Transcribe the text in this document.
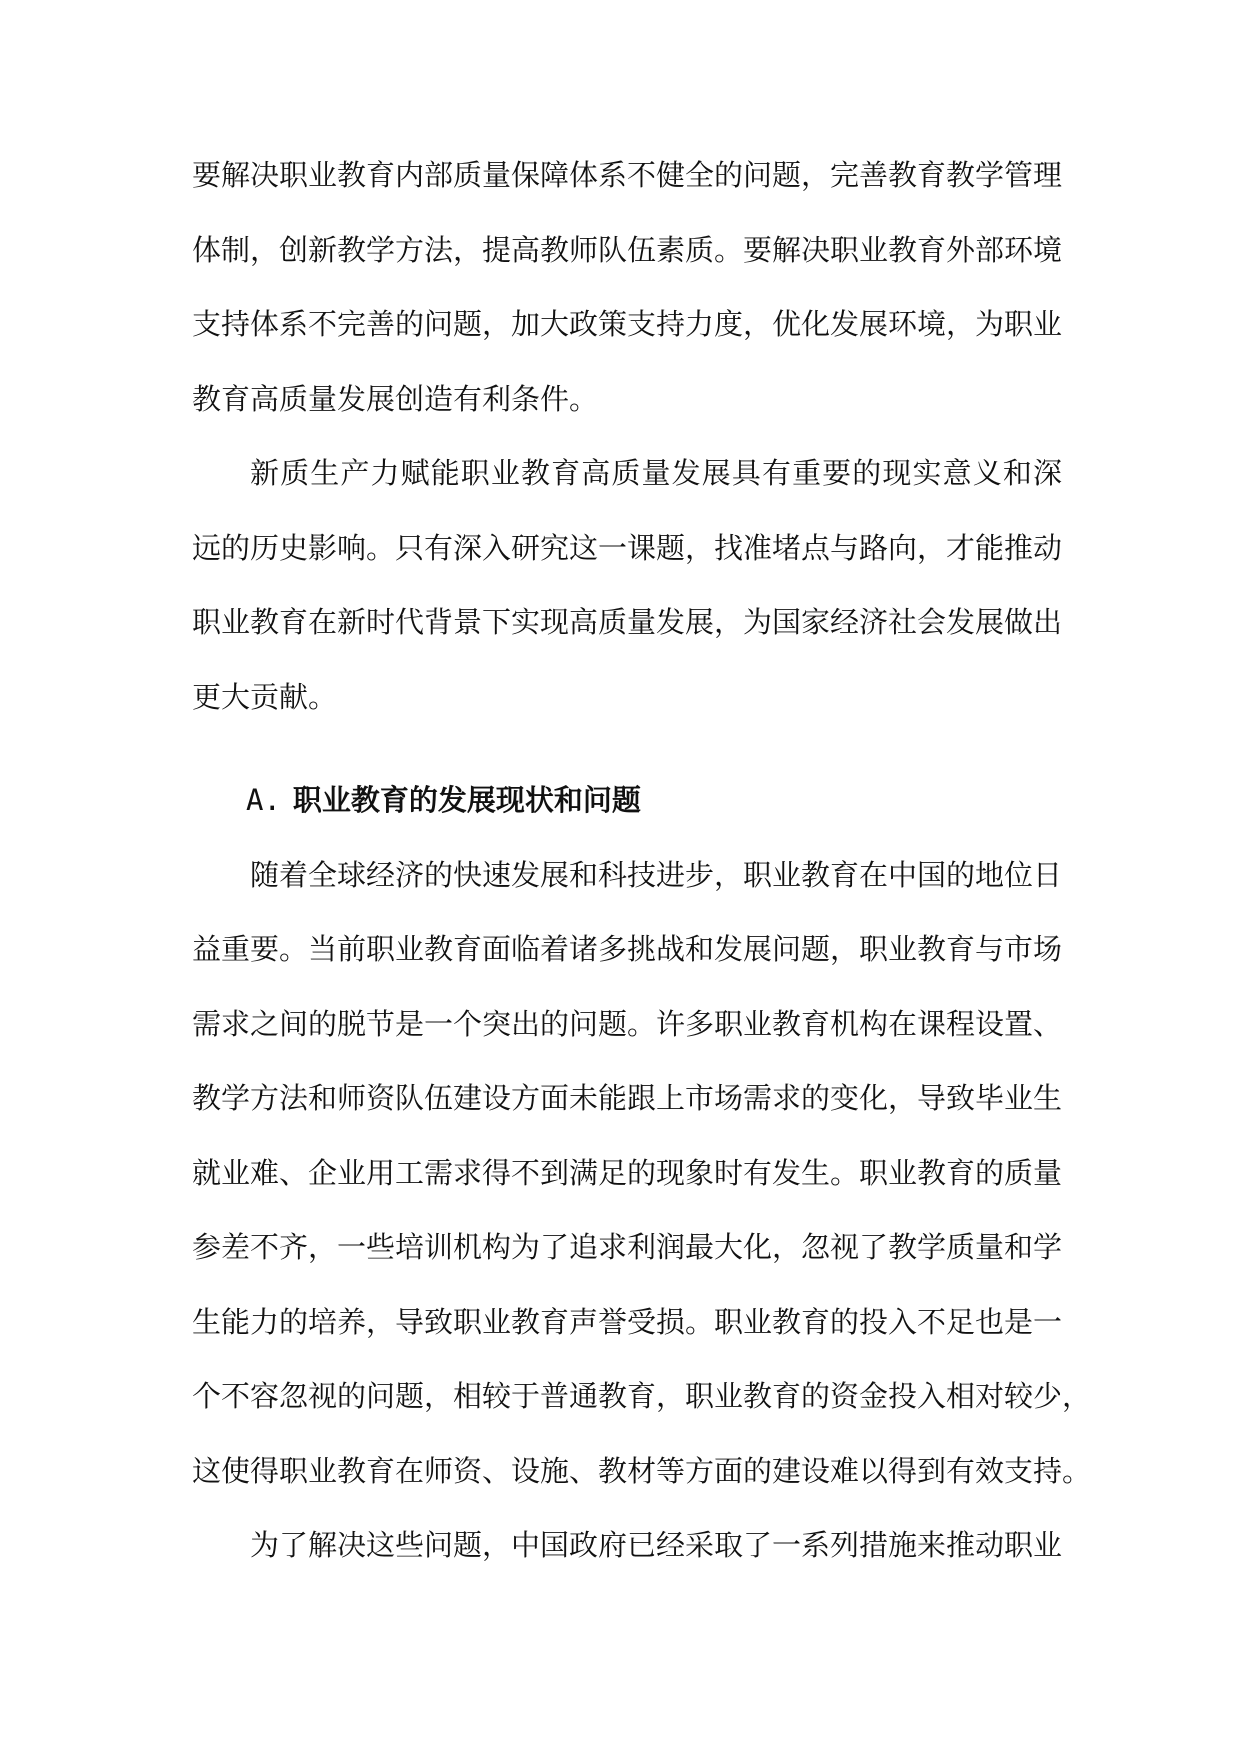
要解决职业教育内部质量保障体系不健全的问题，完善教育教学管理
体制，创新教学方法，提高教师队伍素质。要解决职业教育外部环境
支持体系不完善的问题，加大政策支持力度，优化发展环境，为职业
教育高质量发展创造有利条件。
新质生产力赋能职业教育高质量发展具有重要的现实意义和深
远的历史影响。只有深入研究这一课题，找准堵点与路向，才能推动
职业教育在新时代背景下实现高质量发展，为国家经济社会发展做出
更大贡献。
A. 职业教育的发展现状和问题
随着全球经济的快速发展和科技进步，职业教育在中国的地位日
益重要。当前职业教育面临着诸多挑战和发展问题，职业教育与市场
需求之间的脱节是一个突出的问题。许多职业教育机构在课程设置、
教学方法和师资队伍建设方面未能跟上市场需求的变化，导致毕业生
就业难、企业用工需求得不到满足的现象时有发生。职业教育的质量
参差不齐，一些培训机构为了追求利润最大化，忽视了教学质量和学
生能力的培养，导致职业教育声誉受损。职业教育的投入不足也是一
个不容忽视的问题，相较于普通教育，职业教育的资金投入相对较少，
这使得职业教育在师资、设施、教材等方面的建设难以得到有效支持。
为了解决这些问题，中国政府已经采取了一系列措施来推动职业
